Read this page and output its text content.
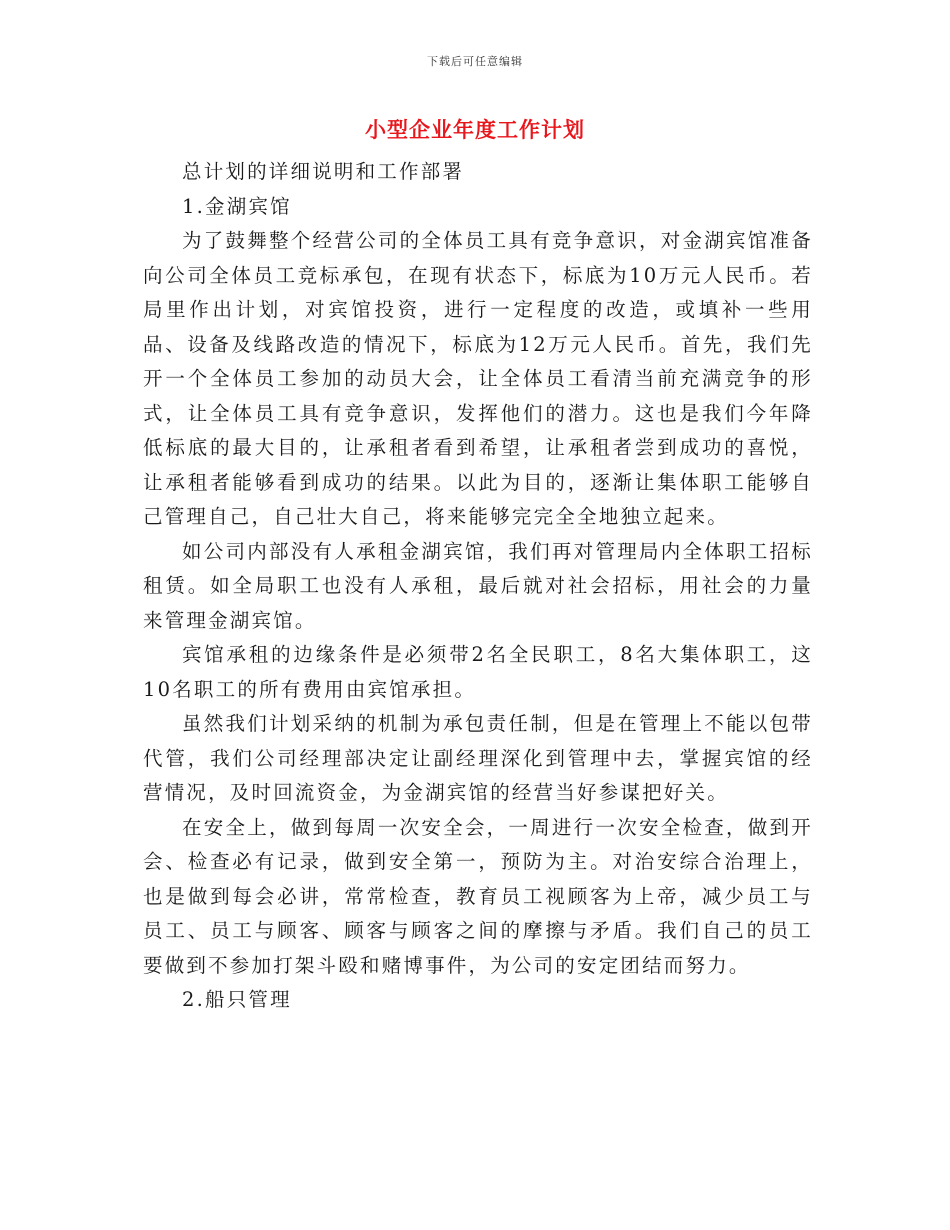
下载后可任意编辑
小型企业年度工作计划

总计划的详细说明和工作部署

1.金湖宾馆

为了鼓舞整个经营公司的全体员工具有竞争意识，对金湖宾馆准备向公司全体员工竞标承包，在现有状态下，标底为10万元人民币。若局里作出计划，对宾馆投资，进行一定程度的改造，或填补一些用品、设备及线路改造的情况下，标底为12万元人民币。首先，我们先开一个全体员工参加的动员大会，让全体员工看清当前充满竞争的形式，让全体员工具有竞争意识，发挥他们的潜力。这也是我们今年降低标底的最大目的，让承租者看到希望，让承租者尝到成功的喜悦，让承租者能够看到成功的结果。以此为目的，逐渐让集体职工能够自己管理自己，自己壮大自己，将来能够完完全全地独立起来。

如公司内部没有人承租金湖宾馆，我们再对管理局内全体职工招标租赁。如全局职工也没有人承租，最后就对社会招标，用社会的力量来管理金湖宾馆。

宾馆承租的边缘条件是必须带2名全民职工，8名大集体职工，这10名职工的所有费用由宾馆承担。

虽然我们计划采纳的机制为承包责任制，但是在管理上不能以包带代管，我们公司经理部决定让副经理深化到管理中去，掌握宾馆的经营情况，及时回流资金，为金湖宾馆的经营当好参谋把好关。

在安全上，做到每周一次安全会，一周进行一次安全检查，做到开会、检查必有记录，做到安全第一，预防为主。对治安综合治理上，也是做到每会必讲，常常检查，教育员工视顾客为上帝，减少员工与员工、员工与顾客、顾客与顾客之间的摩擦与矛盾。我们自己的员工要做到不参加打架斗殴和赌博事件，为公司的安定团结而努力。

2.船只管理
